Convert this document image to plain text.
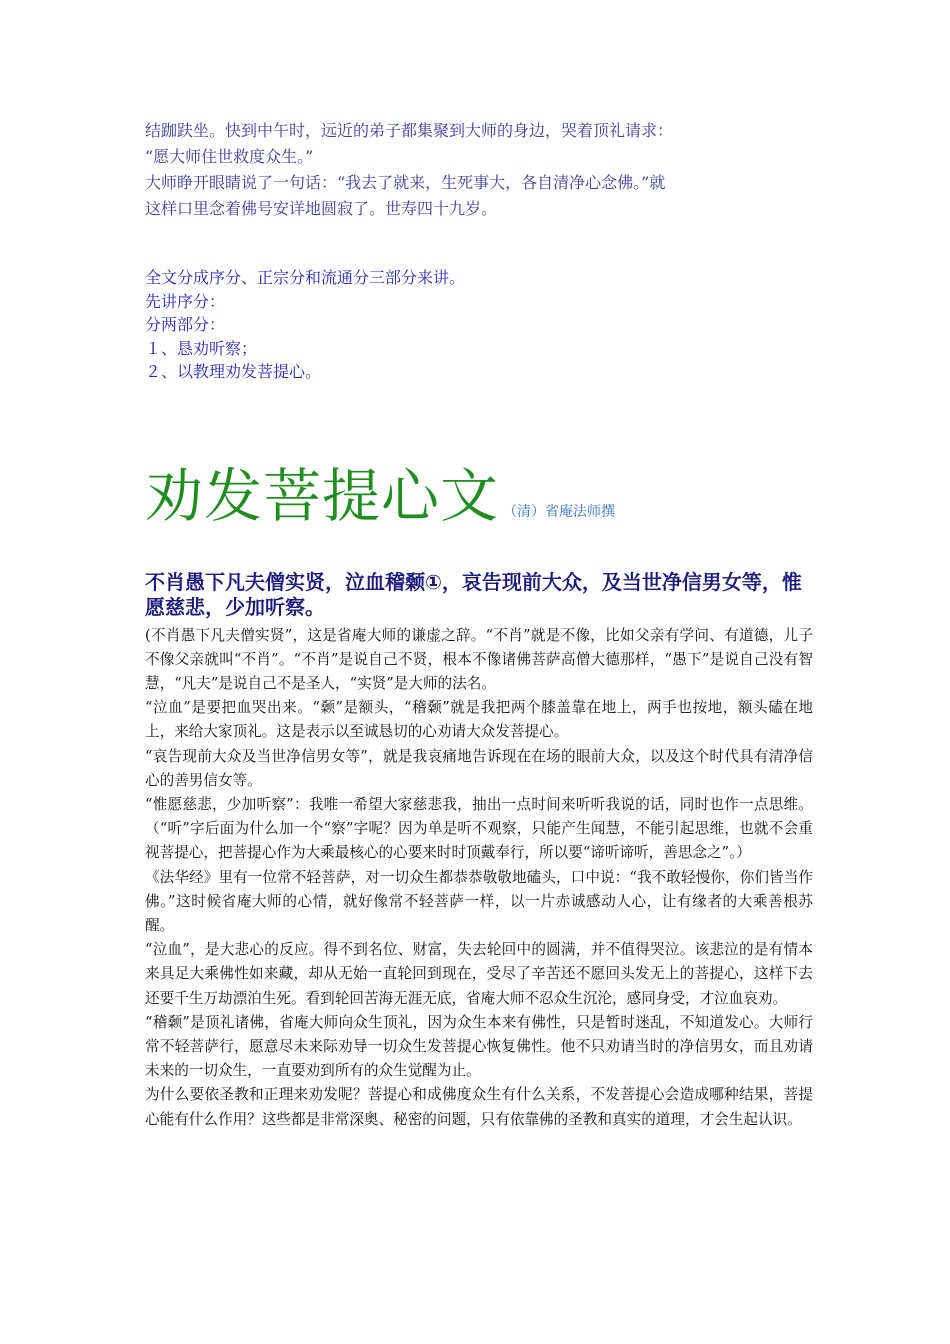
结跏趺坐。快到中午时，远近的弟子都集聚到大师的身边，哭着顶礼请求：

“愿大师住世救度众生。”

大师睁开眼睛说了一句话：“我去了就来，生死事大，各自清净心念佛。”就

这样口里念着佛号安详地圆寂了。世寿四十九岁。

全文分成序分、正宗分和流通分三部分来讲。

先讲序分：

分两部分：

１、恳劝听察；

２、以教理劝发菩提心。

劝发菩提心文 （清）省庵法师撰
不肖愚下凡夫僧实贤，泣血稽颡①，哀告现前大众，及当世净信男女等，惟愿慈悲，少加听察。

(不肖愚下凡夫僧实贤”，这是省庵大师的谦虚之辞。“不肖”就是不像，比如父亲有学问、有道德，儿子不像父亲就叫“不肖”。“不肖”是说自己不贤，根本不像诸佛菩萨高僧大德那样，“愚下”是说自己没有智慧，“凡夫”是说自己不是圣人，“实贤”是大师的法名。

“泣血”是要把血哭出来。“颡”是额头，“稽颡”就是我把两个膝盖靠在地上，两手也按地，额头磕在地上，来给大家顶礼。这是表示以至诚恳切的心劝请大众发菩提心。

“哀告现前大众及当世净信男女等”，就是我哀痛地告诉现在在场的眼前大众，以及这个时代具有清净信心的善男信女等。

“惟愿慈悲，少加听察”：我唯一希望大家慈悲我，抽出一点时间来听听我说的话，同时也作一点思维。（“听”字后面为什么加一个“察”字呢？因为单是听不观察，只能产生闻慧，不能引起思维，也就不会重视菩提心，把菩提心作为大乘最核心的心要来时时顶戴奉行，所以要“谛听谛听，善思念之”。）

《法华经》里有一位常不轻菩萨，对一切众生都恭恭敬敬地磕头，口中说：“我不敢轻慢你，你们皆当作佛。”这时候省庵大师的心情，就好像常不轻菩萨一样，以一片赤诚感动人心，让有缘者的大乘善根苏醒。

“泣血”，是大悲心的反应。得不到名位、财富，失去轮回中的圆满，并不值得哭泣。该悲泣的是有情本来具足大乘佛性如来藏，却从无始一直轮回到现在，受尽了辛苦还不愿回头发无上的菩提心，这样下去还要千生万劫漂泊生死。看到轮回苦海无涯无底，省庵大师不忍众生沉沦，感同身受，才泣血哀劝。

“稽颡”是顶礼诸佛，省庵大师向众生顶礼，因为众生本来有佛性，只是暂时迷乱，不知道发心。大师行常不轻菩萨行，愿意尽未来际劝导一切众生发菩提心恢复佛性。他不只劝请当时的净信男女，而且劝请未来的一切众生，一直要劝到所有的众生觉醒为止。

为什么要依圣教和正理来劝发呢？菩提心和成佛度众生有什么关系，不发菩提心会造成哪种结果，菩提心能有什么作用？这些都是非常深奥、秘密的问题，只有依靠佛的圣教和真实的道理，才会生起认识。
